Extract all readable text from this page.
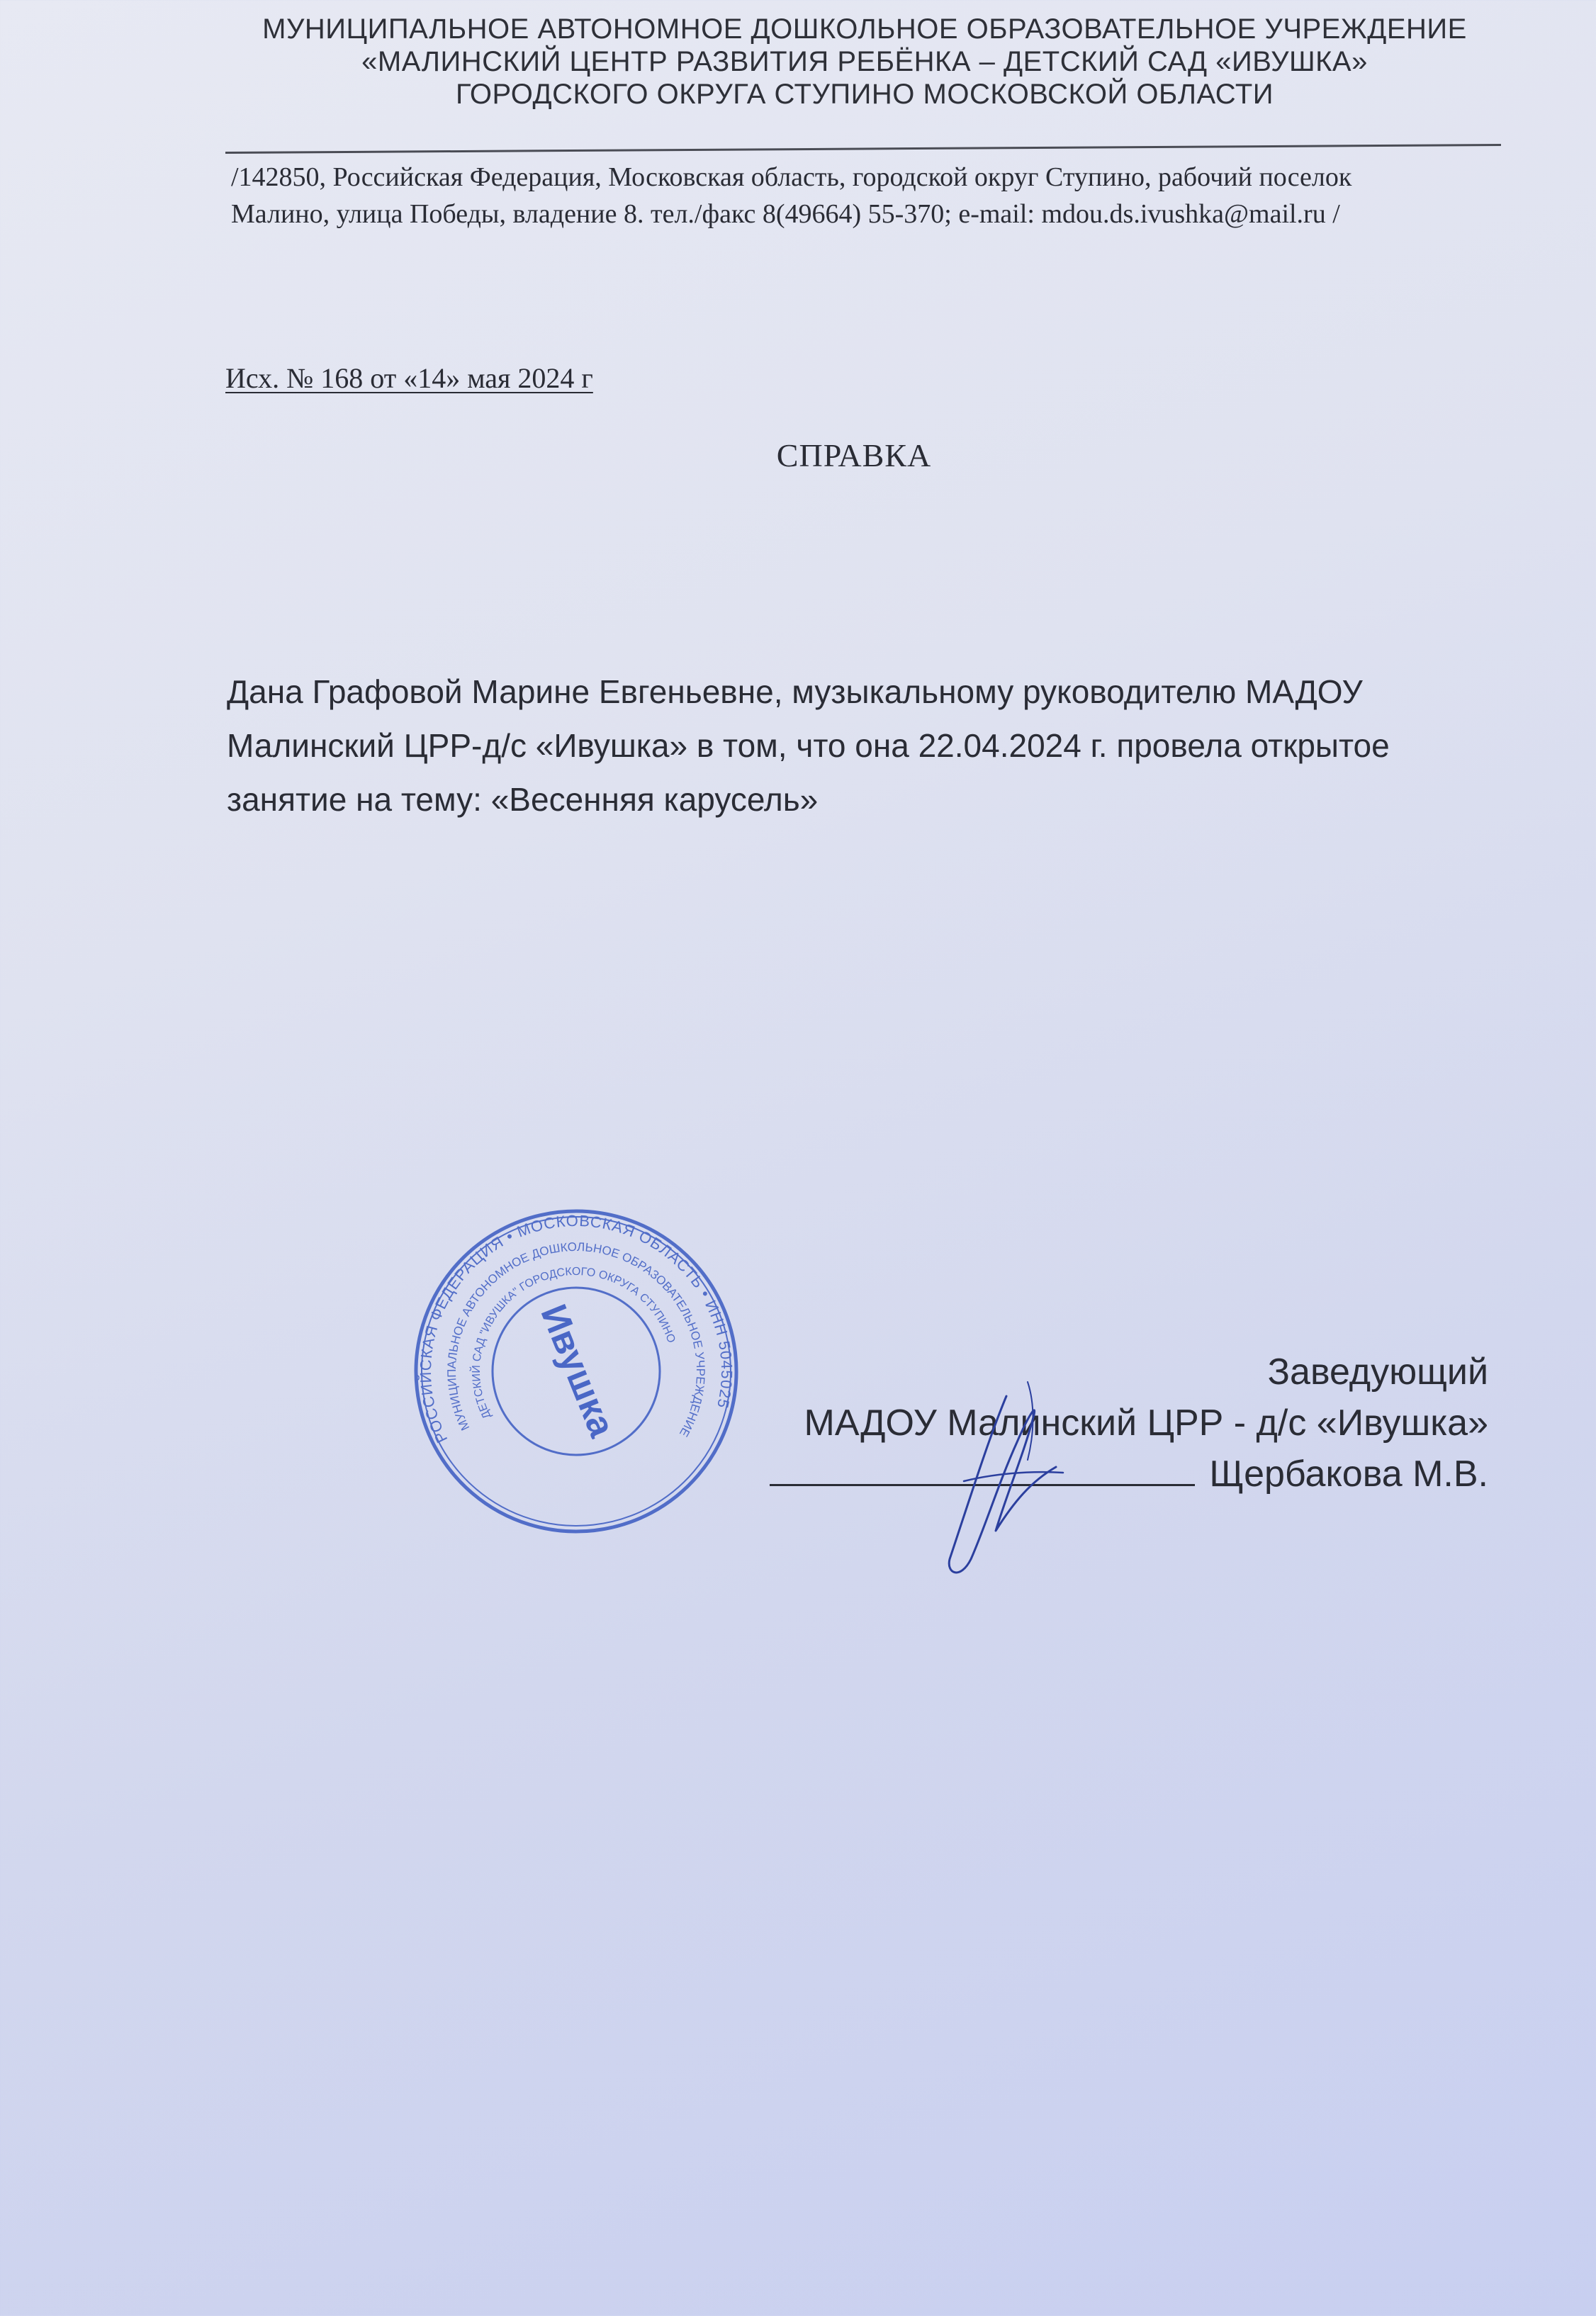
МУНИЦИПАЛЬНОЕ АВТОНОМНОЕ ДОШКОЛЬНОЕ ОБРАЗОВАТЕЛЬНОЕ УЧРЕЖДЕНИЕ
«МАЛИНСКИЙ ЦЕНТР РАЗВИТИЯ РЕБЁНКА – ДЕТСКИЙ САД «ИВУШКА»
ГОРОДСКОГО ОКРУГА СТУПИНО МОСКОВСКОЙ ОБЛАСТИ
/142850, Российская Федерация, Московская область, городской округ Ступино, рабочий поселок
Малино, улица Победы, владение 8. тел./факс 8(49664) 55-370; e-mail: mdou.ds.ivushka@mail.ru /
Исх. № 168 от «14» мая 2024 г
СПРАВКА
Дана Графовой Марине Евгеньевне, музыкальному руководителю МАДОУ
Малинский ЦРР-д/с «Ивушка» в том, что она 22.04.2024 г. провела открытое
занятие на тему: «Весенняя карусель»
РОССИЙСКАЯ ФЕДЕРАЦИЯ • МОСКОВСКАЯ ОБЛАСТЬ • ИНН 5045025
МУНИЦИПАЛЬНОЕ АВТОНОМНОЕ ДОШКОЛЬНОЕ ОБРАЗОВАТЕЛЬНОЕ УЧРЕЖДЕНИЕ
ДЕТСКИЙ САД "ИВУШКА" ГОРОДСКОГО ОКРУГА СТУПИНО
Ивушка	Заведующий
МАДОУ Малинский ЦРР - д/с «Ивушка»
Щербакова М.В.
